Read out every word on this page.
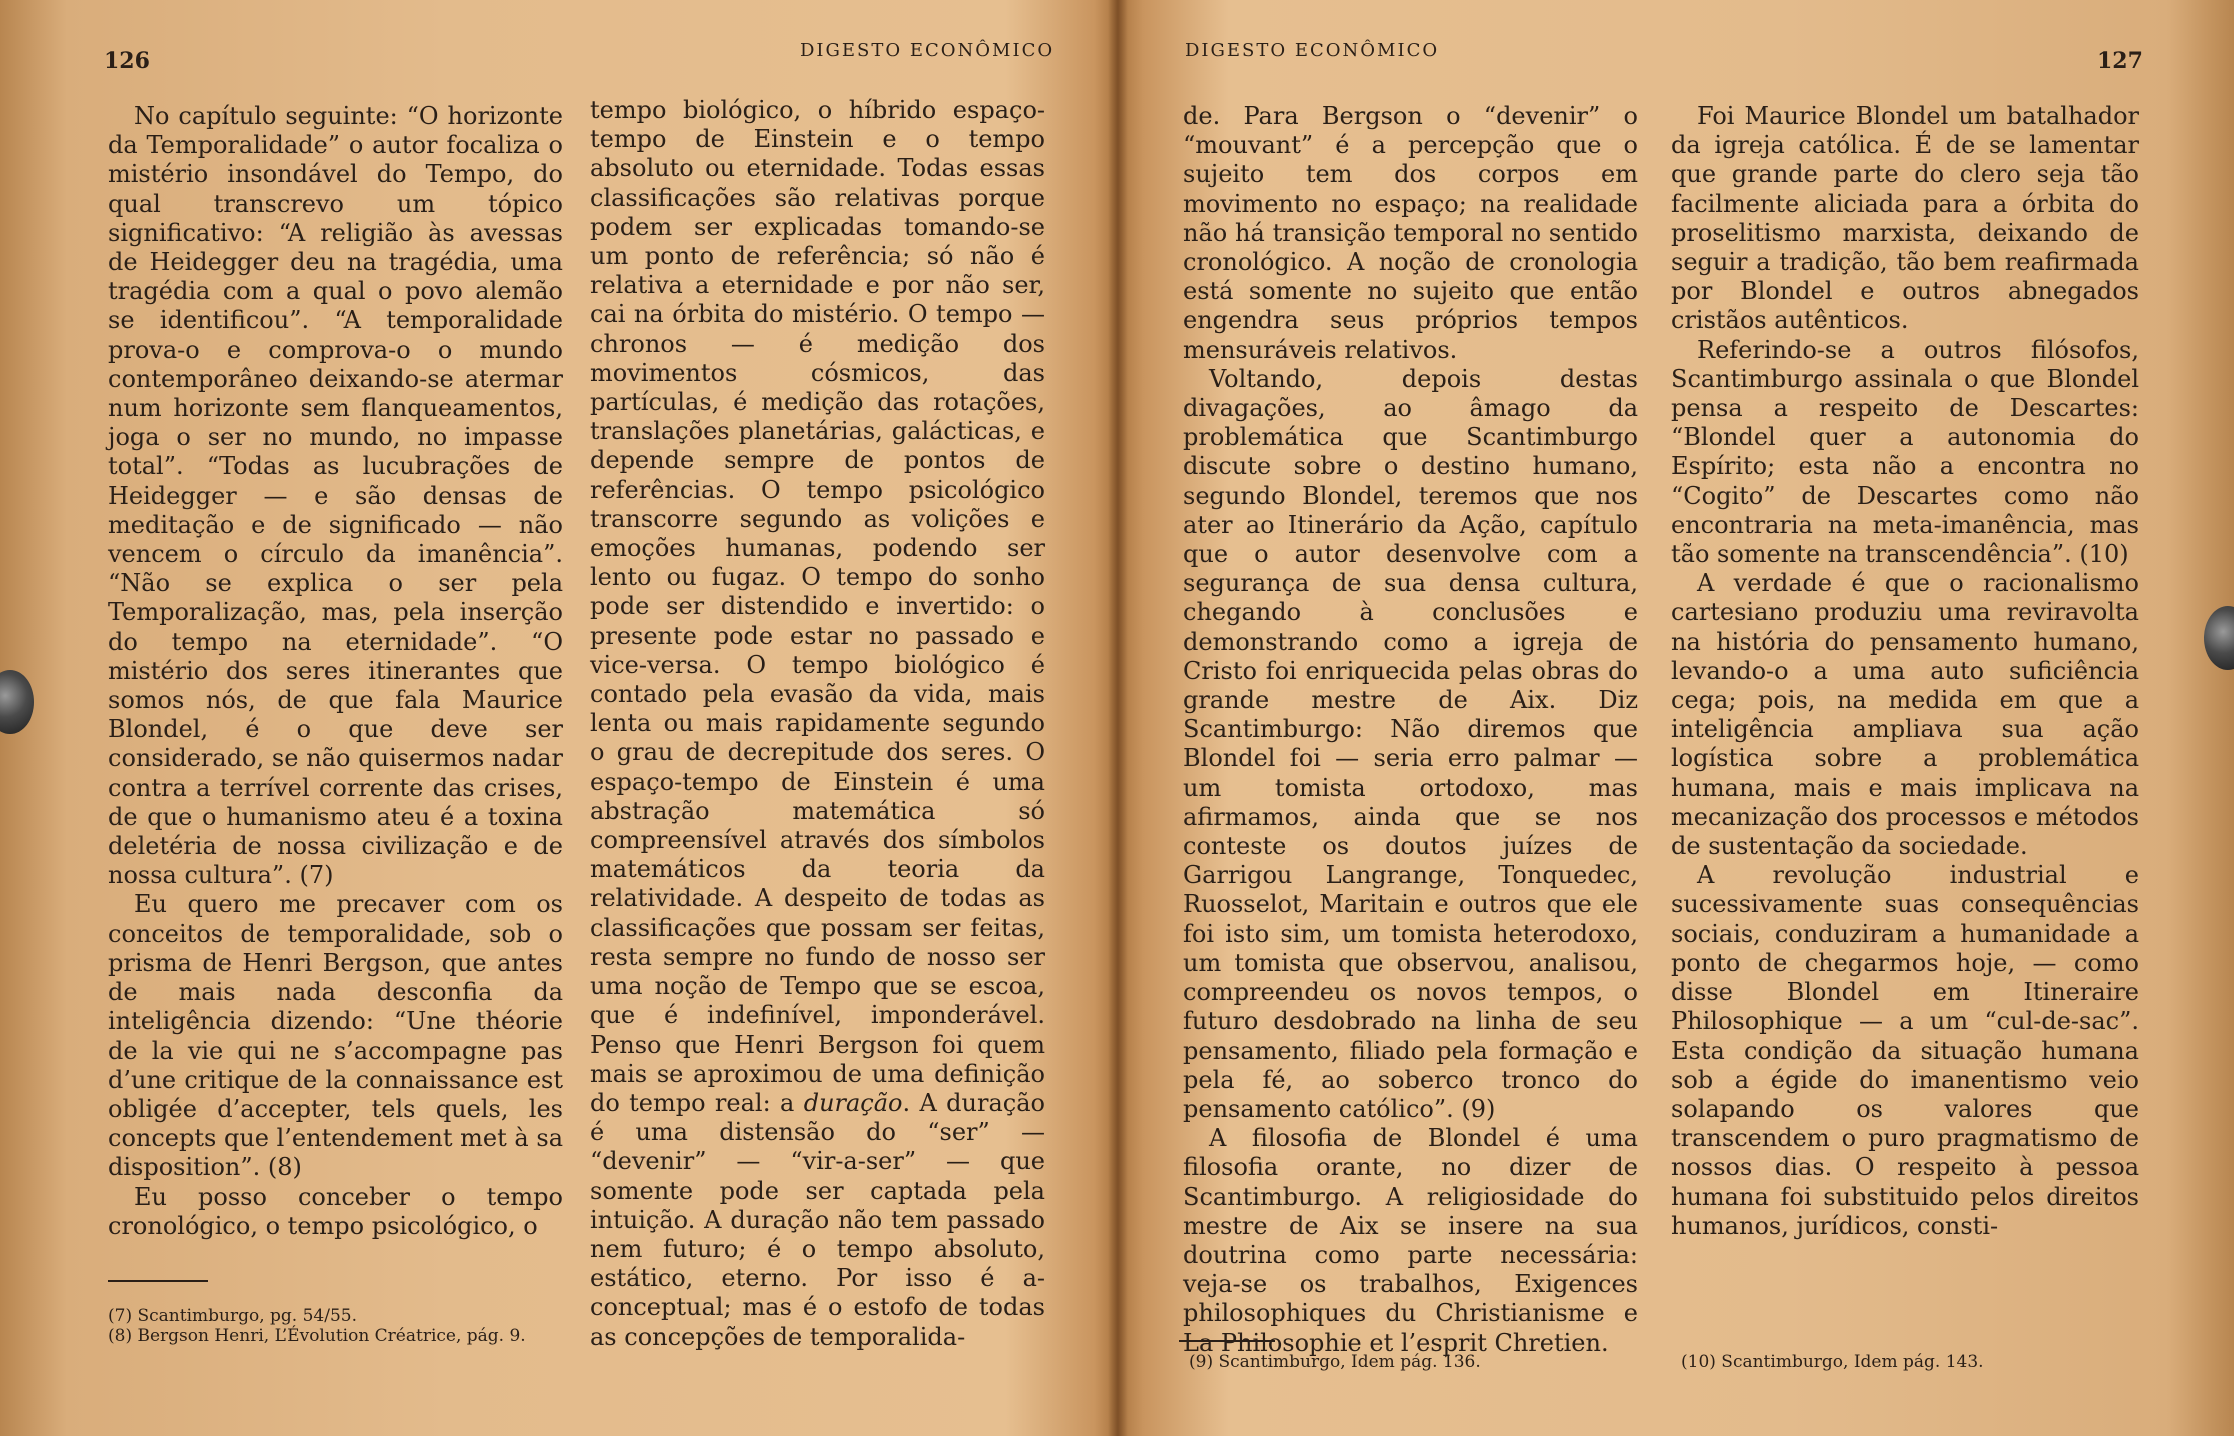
126	DIGESTO ECONÔMICO

No capítulo seguinte: “O horizonte da Temporalidade” o autor focaliza o mistério insondável do Tempo, do qual transcrevo um tópico significativo: “A religião às avessas de Heidegger deu na tragédia, uma tragédia com a qual o povo alemão se identificou”. “A temporalidade prova-o e comprova-o o mundo contemporâneo deixando-se atermar num horizonte sem flanqueamentos, joga o ser no mundo, no impasse total”. “Todas as lucubrações de Heidegger — e são densas de meditação e de significado — não vencem o círculo da imanência”. “Não se explica o ser pela Temporalização, mas, pela inserção do tempo na eternidade”. “O mistério dos seres itinerantes que somos nós, de que fala Maurice Blondel, é o que deve ser considerado, se não quisermos nadar contra a terrível corrente das crises, de que o humanismo ateu é a toxina deletéria de nossa civilização e de nossa cultura”. (7)

Eu quero me precaver com os conceitos de temporalidade, sob o prisma de Henri Bergson, que antes de mais nada desconfia da inteligência dizendo: “Une théorie de la vie qui ne s’accompagne pas d’une critique de la connaissance est obligée d’accepter, tels quels, les concepts que l’entendement met à sa disposition”. (8)

Eu posso conceber o tempo cronológico, o tempo psicológico, o

tempo biológico, o híbrido espaço-tempo de Einstein e o tempo absoluto ou eternidade. Todas essas classificações são relativas porque podem ser explicadas tomando-se um ponto de referência; só não é relativa a eternidade e por não ser, cai na órbita do mistério. O tempo — chronos — é medição dos movimentos cósmicos, das partículas, é medição das rotações, translações planetárias, galácticas, e depende sempre de pontos de referências. O tempo psicológico transcorre segundo as volições e emoções humanas, podendo ser lento ou fugaz. O tempo do sonho pode ser distendido e invertido: o presente pode estar no passado e vice-versa. O tempo biológico é contado pela evasão da vida, mais lenta ou mais rapidamente segundo o grau de decrepitude dos seres. O espaço-tempo de Einstein é uma abstração matemática só compreensível através dos símbolos matemáticos da teoria da relatividade. A despeito de todas as classificações que possam ser feitas, resta sempre no fundo de nosso ser uma noção de Tempo que se escoa, que é indefinível, imponderável. Penso que Henri Bergson foi quem mais se aproximou de uma definição do tempo real: a duração. A duração é uma distensão do “ser” — “devenir” — “vir-a-ser” — que somente pode ser captada pela intuição. A duração não tem passado nem futuro; é o tempo absoluto, estático, eterno. Por isso é a-conceptual; mas é o estofo de todas as concepções de temporalida-

(7) Scantimburgo, pg. 54/55.
(8) Bergson Henri, L’Évolution Créatrice, pág. 9.
DIGESTO ECONÔMICO	127

de. Para Bergson o “devenir” o “mouvant” é a percepção que o sujeito tem dos corpos em movimento no espaço; na realidade não há transição temporal no sentido cronológico. A noção de cronologia está somente no sujeito que então engendra seus próprios tempos mensuráveis relativos.

Voltando, depois destas divagações, ao âmago da problemática que Scantimburgo discute sobre o destino humano, segundo Blondel, teremos que nos ater ao Itinerário da Ação, capítulo que o autor desenvolve com a segurança de sua densa cultura, chegando à conclusões e demonstrando como a igreja de Cristo foi enriquecida pelas obras do grande mestre de Aix. Diz Scantimburgo: Não diremos que Blondel foi — seria erro palmar — um tomista ortodoxo, mas afirmamos, ainda que se nos conteste os doutos juízes de Garrigou Langrange, Tonquedec, Ruosselot, Maritain e outros que ele foi isto sim, um tomista heterodoxo, um tomista que observou, analisou, compreendeu os novos tempos, o futuro desdobrado na linha de seu pensamento, filiado pela formação e pela fé, ao soberco tronco do pensamento católico”. (9)

A filosofia de Blondel é uma filosofia orante, no dizer de Scantimburgo. A religiosidade do mestre de Aix se insere na sua doutrina como parte necessária: veja-se os trabalhos, Exigences philosophiques du Christianisme e La Philosophie et l’esprit Chretien.

Foi Maurice Blondel um batalhador da igreja católica. É de se lamentar que grande parte do clero seja tão facilmente aliciada para a órbita do proselitismo marxista, deixando de seguir a tradição, tão bem reafirmada por Blondel e outros abnegados cristãos autênticos.

Referindo-se a outros filósofos, Scantimburgo assinala o que Blondel pensa a respeito de Descartes: “Blondel quer a autonomia do Espírito; esta não a encontra no “Cogito” de Descartes como não encontraria na meta-imanência, mas tão somente na transcendência”. (10)

A verdade é que o racionalismo cartesiano produziu uma reviravolta na história do pensamento humano, levando-o a uma auto suficiência cega; pois, na medida em que a inteligência ampliava sua ação logística sobre a problemática humana, mais e mais implicava na mecanização dos processos e métodos de sustentação da sociedade.

A revolução industrial e sucessivamente suas consequências sociais, conduziram a humanidade a ponto de chegarmos hoje, — como disse Blondel em Itineraire Philosophique — a um “cul-de-sac”. Esta condição da situação humana sob a égide do imanentismo veio solapando os valores que transcendem o puro pragmatismo de nossos dias. O respeito à pessoa humana foi substituido pelos direitos humanos, jurídicos, consti-

(9) Scantimburgo, Idem pág. 136.	(10) Scantimburgo, Idem pág. 143.
